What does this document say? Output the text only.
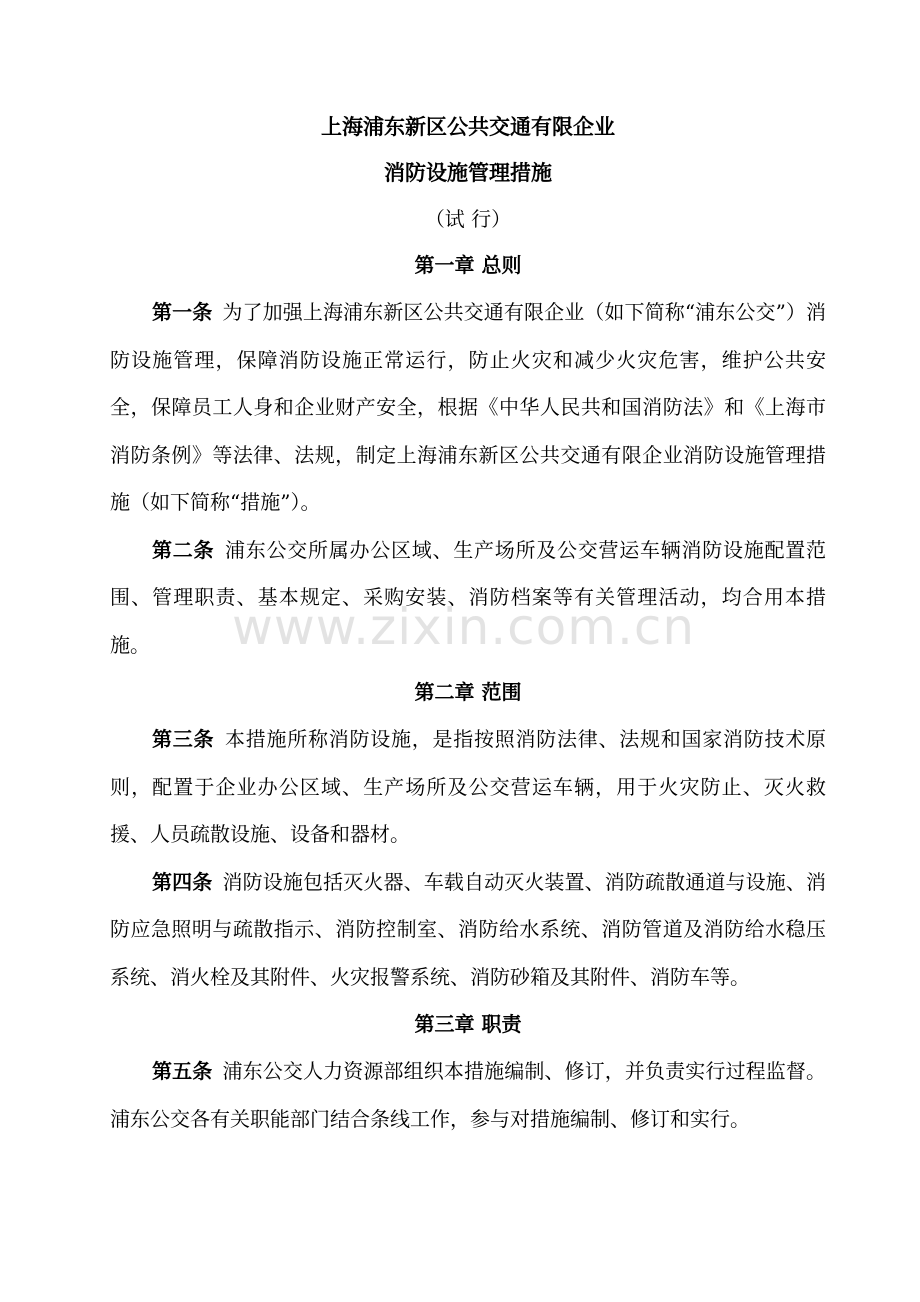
上海浦东新区公共交通有限企业
消防设施管理措施

（试 行）

第一章 总则

第一条  为了加强上海浦东新区公共交通有限企业（如下简称“浦东公交”）消防设施管理，保障消防设施正常运行，防止火灾和减少火灾危害，维护公共安全，保障员工人身和企业财产安全，根据《中华人民共和国消防法》和《上海市消防条例》等法律、法规，制定上海浦东新区公共交通有限企业消防设施管理措施（如下简称“措施”）。

第二条  浦东公交所属办公区域、生产场所及公交营运车辆消防设施配置范围、管理职责、基本规定、采购安装、消防档案等有关管理活动，均合用本措施。

第二章 范围

第三条  本措施所称消防设施，是指按照消防法律、法规和国家消防技术原则，配置于企业办公区域、生产场所及公交营运车辆，用于火灾防止、灭火救援、人员疏散设施、设备和器材。

第四条  消防设施包括灭火器、车载自动灭火装置、消防疏散通道与设施、消防应急照明与疏散指示、消防控制室、消防给水系统、消防管道及消防给水稳压系统、消火栓及其附件、火灾报警系统、消防砂箱及其附件、消防车等。

第三章 职责

第五条  浦东公交人力资源部组织本措施编制、修订，并负责实行过程监督。浦东公交各有关职能部门结合条线工作，参与对措施编制、修订和实行。

www.zixin.com.cn
